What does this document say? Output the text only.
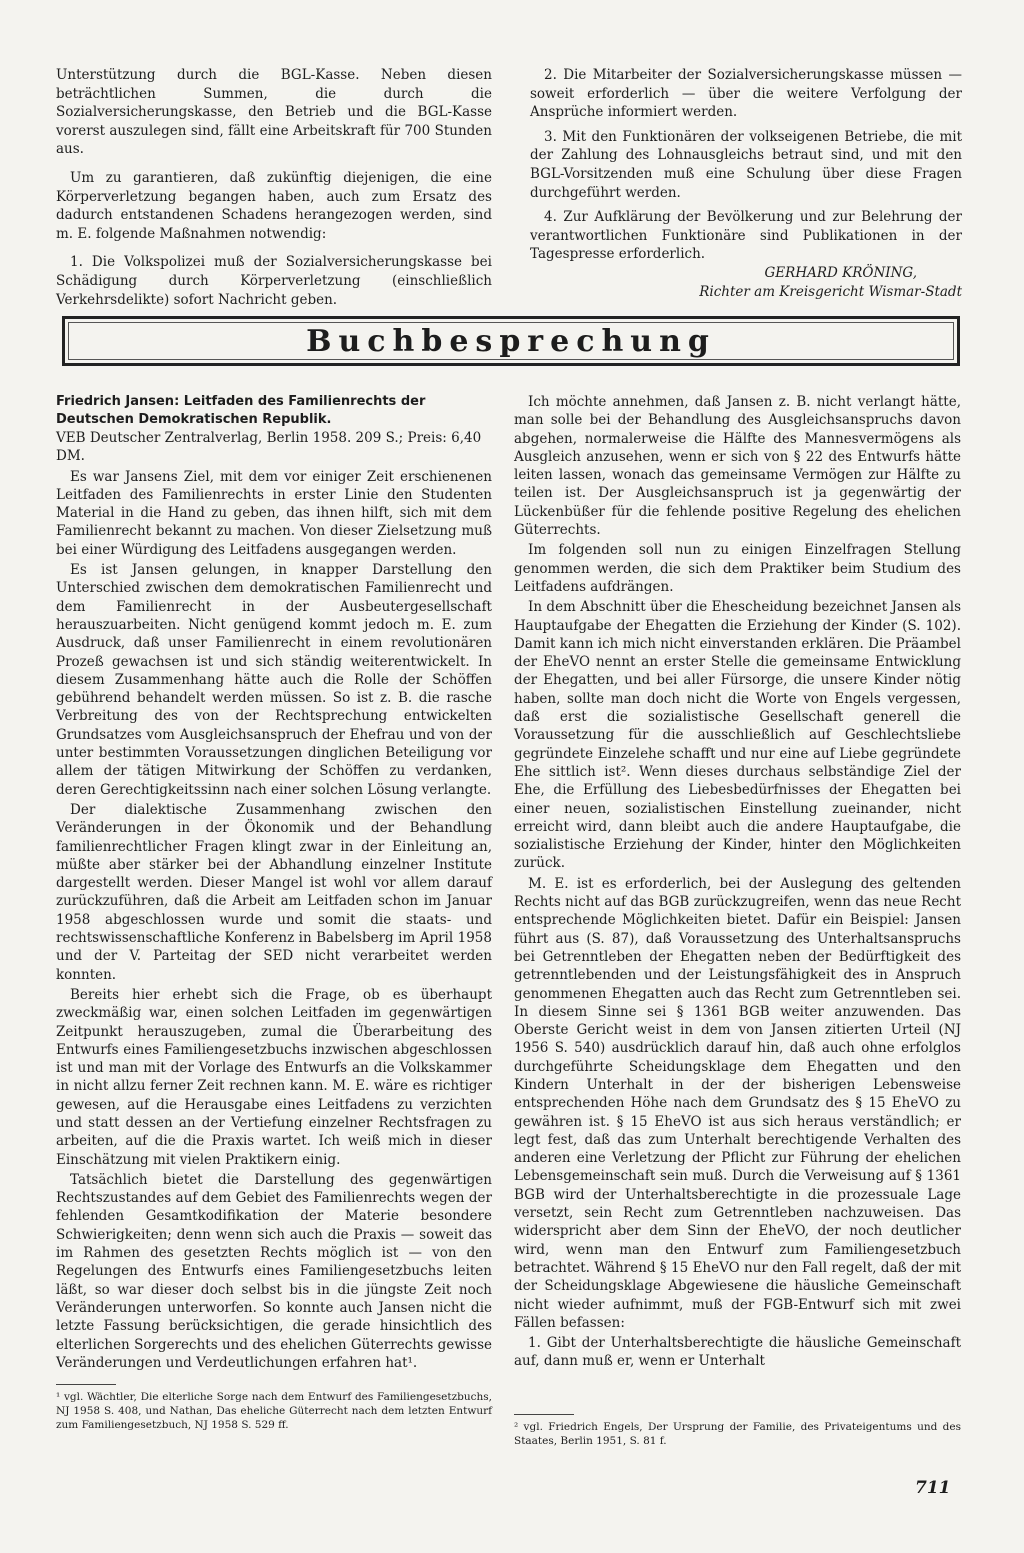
Unterstützung durch die BGL-Kasse. Neben diesen beträchtlichen Summen, die durch die Sozialversicherungskasse, den Betrieb und die BGL-Kasse vorerst auszulegen sind, fällt eine Arbeitskraft für 700 Stunden aus.

Um zu garantieren, daß zukünftig diejenigen, die eine Körperverletzung begangen haben, auch zum Ersatz des dadurch entstandenen Schadens herangezogen werden, sind m. E. folgende Maßnahmen notwendig:

1. Die Volkspolizei muß der Sozialversicherungskasse bei Schädigung durch Körperverletzung (einschließlich Verkehrsdelikte) sofort Nachricht geben.

2. Die Mitarbeiter der Sozialversicherungskasse müssen — soweit erforderlich — über die weitere Verfolgung der Ansprüche informiert werden.

3. Mit den Funktionären der volkseigenen Betriebe, die mit der Zahlung des Lohnausgleichs betraut sind, und mit den BGL-Vorsitzenden muß eine Schulung über diese Fragen durchgeführt werden.

4. Zur Aufklärung der Bevölkerung und zur Belehrung der verantwortlichen Funktionäre sind Publikationen in der Tagespresse erforderlich.

GERHARD KRÖNING,
Richter am Kreisgericht Wismar-Stadt
Buchbesprechung

Friedrich Jansen: Leitfaden des Familienrechts der Deutschen Demokratischen Republik.

VEB Deutscher Zentralverlag, Berlin 1958. 209 S.; Preis: 6,40 DM.

Es war Jansens Ziel, mit dem vor einiger Zeit erschienenen Leitfaden des Familienrechts in erster Linie den Studenten Material in die Hand zu geben, das ihnen hilft, sich mit dem Familienrecht bekannt zu machen. Von dieser Zielsetzung muß bei einer Würdigung des Leitfadens ausgegangen werden.

Es ist Jansen gelungen, in knapper Darstellung den Unterschied zwischen dem demokratischen Familienrecht und dem Familienrecht in der Ausbeutergesellschaft herauszuarbeiten. Nicht genügend kommt jedoch m. E. zum Ausdruck, daß unser Familienrecht in einem revolutionären Prozeß gewachsen ist und sich ständig weiterentwickelt. In diesem Zusammenhang hätte auch die Rolle der Schöffen gebührend behandelt werden müssen. So ist z. B. die rasche Verbreitung des von der Rechtsprechung entwickelten Grundsatzes vom Ausgleichsanspruch der Ehefrau und von der unter bestimmten Voraussetzungen dinglichen Beteiligung vor allem der tätigen Mitwirkung der Schöffen zu verdanken, deren Gerechtigkeitssinn nach einer solchen Lösung verlangte.

Der dialektische Zusammenhang zwischen den Veränderungen in der Ökonomik und der Behandlung familienrechtlicher Fragen klingt zwar in der Einleitung an, müßte aber stärker bei der Abhandlung einzelner Institute dargestellt werden. Dieser Mangel ist wohl vor allem darauf zurückzuführen, daß die Arbeit am Leitfaden schon im Januar 1958 abgeschlossen wurde und somit die staats- und rechtswissenschaftliche Konferenz in Babelsberg im April 1958 und der V. Parteitag der SED nicht verarbeitet werden konnten.

Bereits hier erhebt sich die Frage, ob es überhaupt zweckmäßig war, einen solchen Leitfaden im gegenwärtigen Zeitpunkt herauszugeben, zumal die Überarbeitung des Entwurfs eines Familiengesetzbuchs inzwischen abgeschlossen ist und man mit der Vorlage des Entwurfs an die Volkskammer in nicht allzu ferner Zeit rechnen kann. M. E. wäre es richtiger gewesen, auf die Herausgabe eines Leitfadens zu verzichten und statt dessen an der Vertiefung einzelner Rechtsfragen zu arbeiten, auf die die Praxis wartet. Ich weiß mich in dieser Einschätzung mit vielen Praktikern einig.

Tatsächlich bietet die Darstellung des gegenwärtigen Rechtszustandes auf dem Gebiet des Familienrechts wegen der fehlenden Gesamtkodifikation der Materie besondere Schwierigkeiten; denn wenn sich auch die Praxis — soweit das im Rahmen des gesetzten Rechts möglich ist — von den Regelungen des Entwurfs eines Familiengesetzbuchs leiten läßt, so war dieser doch selbst bis in die jüngste Zeit noch Veränderungen unterworfen. So konnte auch Jansen nicht die letzte Fassung berücksichtigen, die gerade hinsichtlich des elterlichen Sorgerechts und des ehelichen Güterrechts gewisse Veränderungen und Verdeutlichungen erfahren hat¹.

Ich möchte annehmen, daß Jansen z. B. nicht verlangt hätte, man solle bei der Behandlung des Ausgleichsanspruchs davon abgehen, normalerweise die Hälfte des Mannesvermögens als Ausgleich anzusehen, wenn er sich von § 22 des Entwurfs hätte leiten lassen, wonach das gemeinsame Vermögen zur Hälfte zu teilen ist. Der Ausgleichsanspruch ist ja gegenwärtig der Lückenbüßer für die fehlende positive Regelung des ehelichen Güterrechts.

Im folgenden soll nun zu einigen Einzelfragen Stellung genommen werden, die sich dem Praktiker beim Studium des Leitfadens aufdrängen.

In dem Abschnitt über die Ehescheidung bezeichnet Jansen als Hauptaufgabe der Ehegatten die Erziehung der Kinder (S. 102). Damit kann ich mich nicht einverstanden erklären. Die Präambel der EheVO nennt an erster Stelle die gemeinsame Entwicklung der Ehegatten, und bei aller Fürsorge, die unsere Kinder nötig haben, sollte man doch nicht die Worte von Engels vergessen, daß erst die sozialistische Gesellschaft generell die Voraussetzung für die ausschließlich auf Geschlechtsliebe gegründete Einzelehe schafft und nur eine auf Liebe gegründete Ehe sittlich ist². Wenn dieses durchaus selbständige Ziel der Ehe, die Erfüllung des Liebesbedürfnisses der Ehegatten bei einer neuen, sozialistischen Einstellung zueinander, nicht erreicht wird, dann bleibt auch die andere Hauptaufgabe, die sozialistische Erziehung der Kinder, hinter den Möglichkeiten zurück.

M. E. ist es erforderlich, bei der Auslegung des geltenden Rechts nicht auf das BGB zurückzugreifen, wenn das neue Recht entsprechende Möglichkeiten bietet. Dafür ein Beispiel: Jansen führt aus (S. 87), daß Voraussetzung des Unterhaltsanspruchs bei Getrenntleben der Ehegatten neben der Bedürftigkeit des getrenntlebenden und der Leistungsfähigkeit des in Anspruch genommenen Ehegatten auch das Recht zum Getrenntleben sei. In diesem Sinne sei § 1361 BGB weiter anzuwenden. Das Oberste Gericht weist in dem von Jansen zitierten Urteil (NJ 1956 S. 540) ausdrücklich darauf hin, daß auch ohne erfolglos durchgeführte Scheidungsklage dem Ehegatten und den Kindern Unterhalt in der der bisherigen Lebensweise entsprechenden Höhe nach dem Grundsatz des § 15 EheVO zu gewähren ist. § 15 EheVO ist aus sich heraus verständlich; er legt fest, daß das zum Unterhalt berechtigende Verhalten des anderen eine Verletzung der Pflicht zur Führung der ehelichen Lebensgemeinschaft sein muß. Durch die Verweisung auf § 1361 BGB wird der Unterhaltsberechtigte in die prozessuale Lage versetzt, sein Recht zum Getrenntleben nachzuweisen. Das widerspricht aber dem Sinn der EheVO, der noch deutlicher wird, wenn man den Entwurf zum Familiengesetzbuch betrachtet. Während § 15 EheVO nur den Fall regelt, daß der mit der Scheidungsklage Abgewiesene die häusliche Gemeinschaft nicht wieder aufnimmt, muß der FGB-Entwurf sich mit zwei Fällen befassen:

1. Gibt der Unterhaltsberechtigte die häusliche Gemeinschaft auf, dann muß er, wenn er Unterhalt

¹ vgl. Wächtler, Die elterliche Sorge nach dem Entwurf des Familiengesetzbuchs, NJ 1958 S. 408, und Nathan, Das eheliche Güterrecht nach dem letzten Entwurf zum Familiengesetzbuch, NJ 1958 S. 529 ff.	² vgl. Friedrich Engels, Der Ursprung der Familie, des Privateigentums und des Staates, Berlin 1951, S. 81 f.
711
